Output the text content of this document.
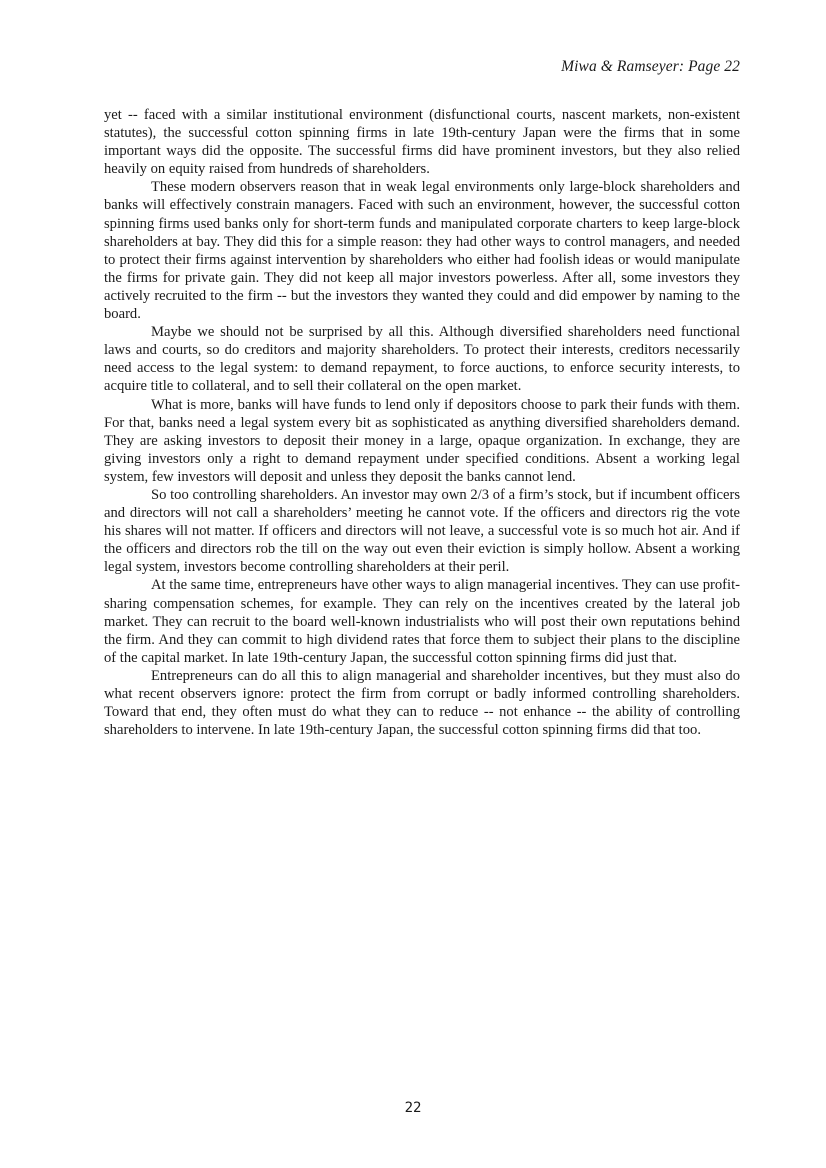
Miwa & Ramseyer: Page 22

yet -- faced with a similar institutional environment (disfunctional courts, nascent markets, non-existent statutes), the successful cotton spinning firms in late 19th-century Japan were the firms that in some important ways did the opposite. The successful firms did have prominent investors, but they also relied heavily on equity raised from hundreds of shareholders.

These modern observers reason that in weak legal environments only large-block shareholders and banks will effectively constrain managers. Faced with such an environment, however, the successful cotton spinning firms used banks only for short-term funds and manipulated corporate charters to keep large-block shareholders at bay. They did this for a simple reason: they had other ways to control managers, and needed to protect their firms against intervention by shareholders who either had foolish ideas or would manipulate the firms for private gain. They did not keep all major investors powerless. After all, some investors they actively recruited to the firm -- but the investors they wanted they could and did empower by naming to the board.

Maybe we should not be surprised by all this. Although diversified shareholders need functional laws and courts, so do creditors and majority shareholders. To protect their interests, creditors necessarily need access to the legal system: to demand repayment, to force auctions, to enforce security interests, to acquire title to collateral, and to sell their collateral on the open market.

What is more, banks will have funds to lend only if depositors choose to park their funds with them. For that, banks need a legal system every bit as sophisticated as anything diversified shareholders demand. They are asking investors to deposit their money in a large, opaque organization. In exchange, they are giving investors only a right to demand repayment under specified conditions. Absent a working legal system, few investors will deposit and unless they deposit the banks cannot lend.

So too controlling shareholders. An investor may own 2/3 of a firm’s stock, but if incumbent officers and directors will not call a shareholders’ meeting he cannot vote. If the officers and directors rig the vote his shares will not matter. If officers and directors will not leave, a successful vote is so much hot air. And if the officers and directors rob the till on the way out even their eviction is simply hollow. Absent a working legal system, investors become controlling shareholders at their peril.

At the same time, entrepreneurs have other ways to align managerial incentives. They can use profit-sharing compensation schemes, for example. They can rely on the incentives created by the lateral job market. They can recruit to the board well-known industrialists who will post their own reputations behind the firm. And they can commit to high dividend rates that force them to subject their plans to the discipline of the capital market. In late 19th-century Japan, the successful cotton spinning firms did just that.

Entrepreneurs can do all this to align managerial and shareholder incentives, but they must also do what recent observers ignore: protect the firm from corrupt or badly informed controlling shareholders. Toward that end, they often must do what they can to reduce -- not enhance -- the ability of controlling shareholders to intervene. In late 19th-century Japan, the successful cotton spinning firms did that too.

22
